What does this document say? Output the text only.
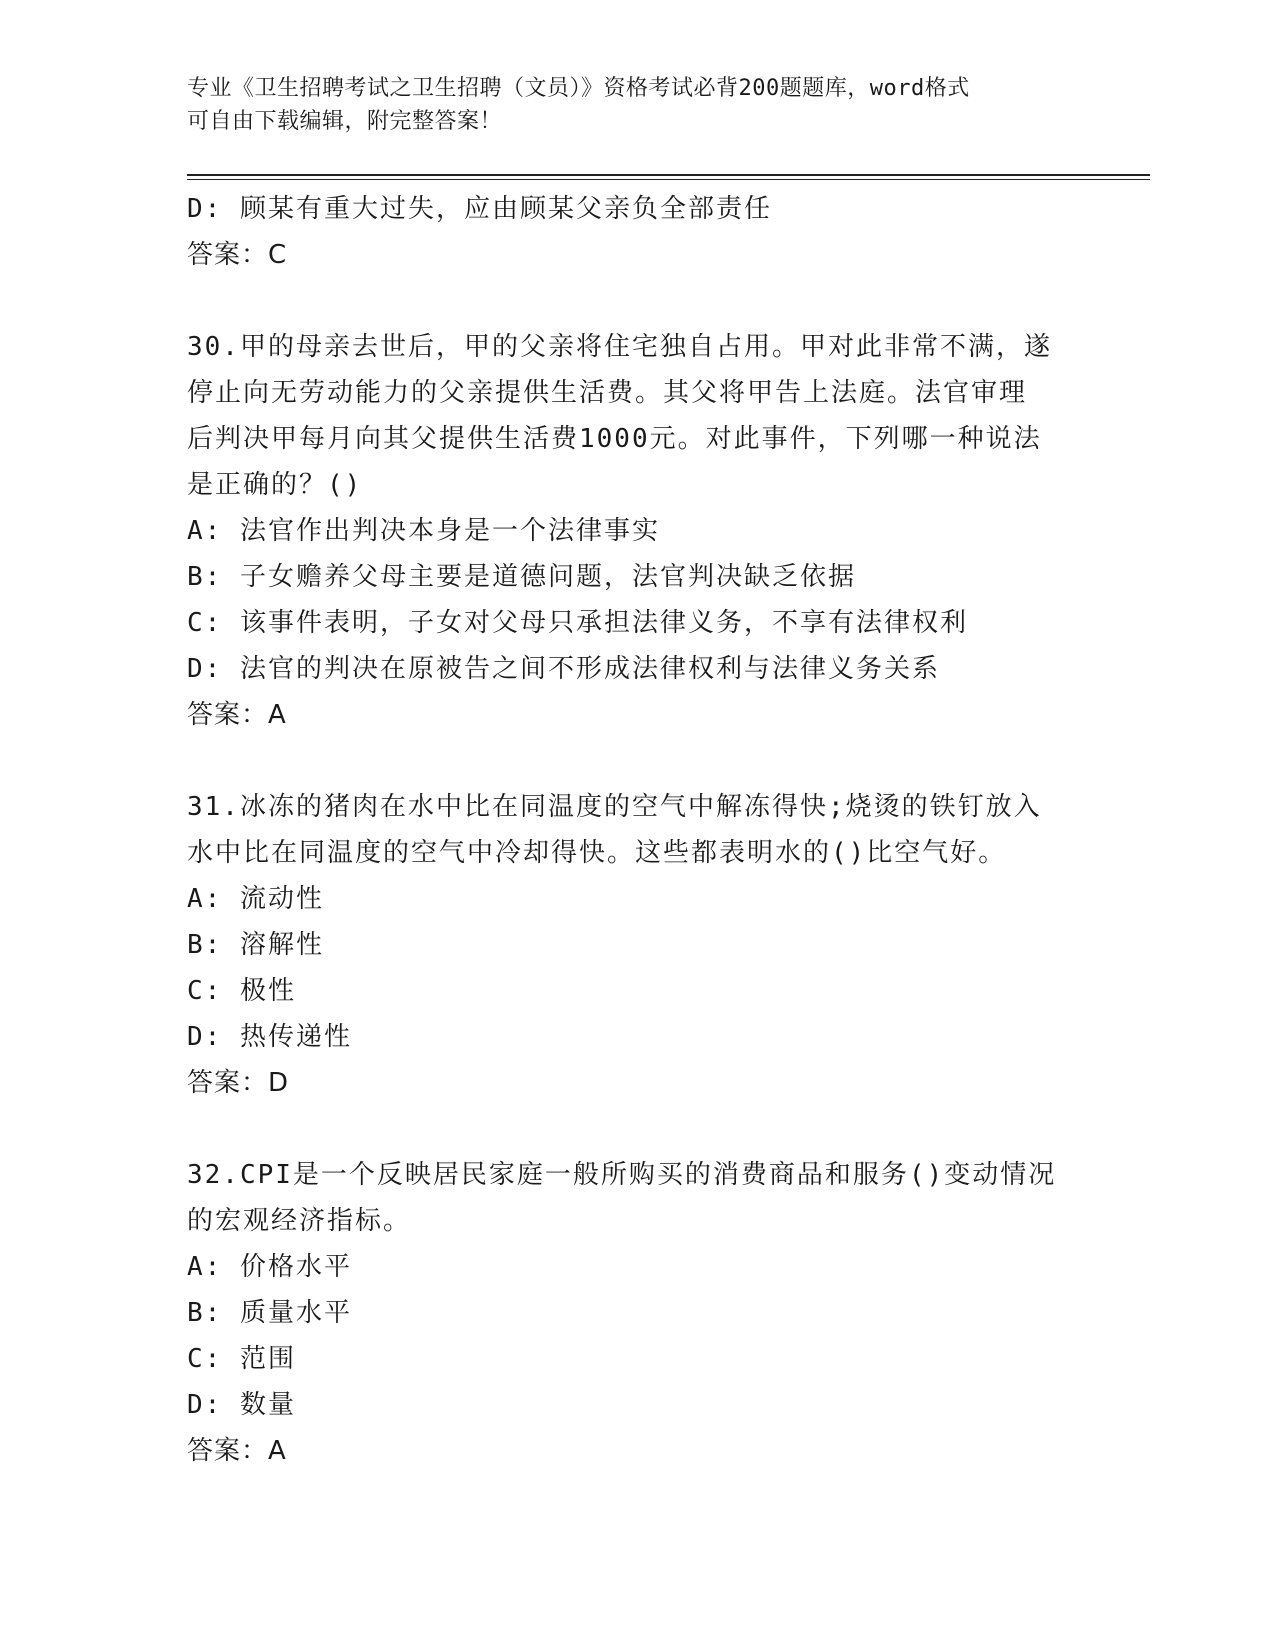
专业《卫生招聘考试之卫生招聘（文员）》资格考试必背200题题库，word格式
可自由下载编辑，附完整答案！
D: 顾某有重大过失，应由顾某父亲负全部责任
答案：C
30.甲的母亲去世后，甲的父亲将住宅独自占用。甲对此非常不满，遂
停止向无劳动能力的父亲提供生活费。其父将甲告上法庭。法官审理
后判决甲每月向其父提供生活费1000元。对此事件，下列哪一种说法
是正确的？()
A: 法官作出判决本身是一个法律事实
B: 子女赡养父母主要是道德问题，法官判决缺乏依据
C: 该事件表明，子女对父母只承担法律义务，不享有法律权利
D: 法官的判决在原被告之间不形成法律权利与法律义务关系
答案：A
31.冰冻的猪肉在水中比在同温度的空气中解冻得快;烧烫的铁钉放入
水中比在同温度的空气中冷却得快。这些都表明水的()比空气好。
A: 流动性
B: 溶解性
C: 极性
D: 热传递性
答案：D
32.CPI是一个反映居民家庭一般所购买的消费商品和服务()变动情况
的宏观经济指标。
A: 价格水平
B: 质量水平
C: 范围
D: 数量
答案：A
